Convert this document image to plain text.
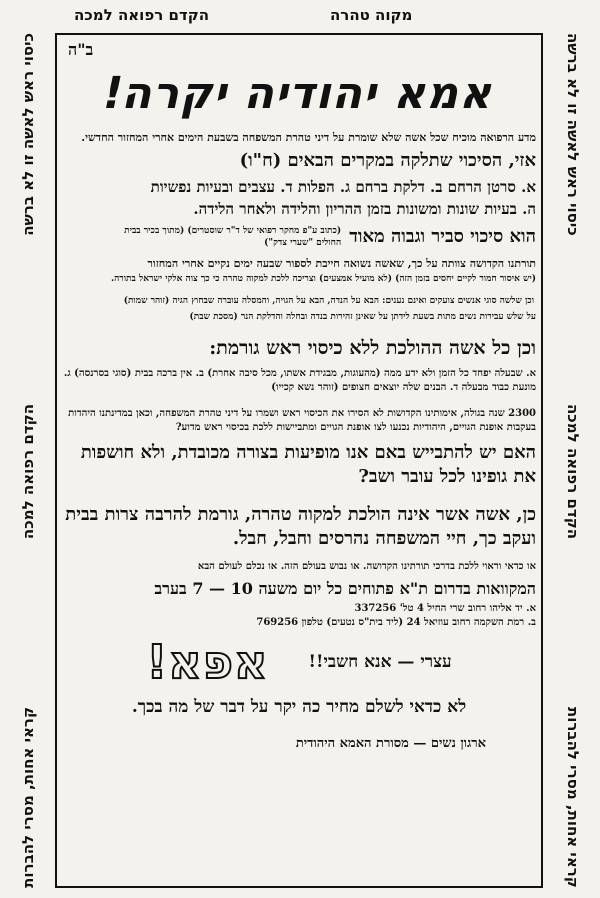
הקדם רפואה למכה	מקוה טהרה
כיסוי ראש לאשה זו לא ברשה
הקדם רפואה למכה
קראי אחות, מסרי להברות
כיסוי ראש לאשה זו לא ברשה
הקדם רפואה למכה
קראי אחות, מסרי להברות
ב"ה
אמא יהודיה יקרה!

מדע הרפואה מוכיח שכל אשה שלא שומרת על דיני טהרת המשפחה בשבעת הימים אחרי המחזור החדשי.

אזי, הסיכוי שתלקה במקרים הבאים (ח"ו)

א. סרטן הרחם ב. דלקת ברחם ג. הפלות ד. עצבים ובעיות נפשיות

ה. בעיות שונות ומשונות בזמן ההריון והלידה ולאחר הלידה.

הוא סיכוי סביר וגבוה מאוד

(כתוב ע"פ מחקר רפואי של ד"ר שוסטרים) (מתוך בכיר בבית החולים "שערי צדק")

תורתנו הקדושה צוותה על כך, שאשה נשואה חייבת לספור שבעה ימים נקיים אחרי המחזור

(יש איסור חמור לקיים יחסים בזמן הזה) (לא מועיל אמצעים) וצריכה ללכת למקוה טהרה כי כך צוה אלקי ישראל בתורה.

וכן שלשה סוגי אנשים צועקים ואינם נענים: הבא על הנדה, הבא על הגויה, והמסלה עוברה שבחוץ הגיה (זוהר שמות)

על שלש עבירות נשים מתות בשעת לידתן על שאינן זהירות בנדה ובחלה והדלקת הנר (מסכת שבת)

וכן כל אשה ההולכת ללא כיסוי ראש גורמת:

א. שבעלה יפחד כל הזמן ולא ידע ממה (מהעוגות, מבגידת אשתו, מכל סיבה אחרת) ב. אין ברכה בבית (סוגי בסרנסה) ג. מונעת כבוד מבעלה ד. הבנים שלה יוצאים חצופים (זוהר נשא קכייו)

2300 שנה בגולה, אימותינו הקדושות לא הסירו את הכיסוי ראש ושמרו על דיני טהרת המשפחה, וכאן במדינתנו היהדות בעקבות אופנת הגויים, היהודיות נכנעו לצו אופנת הגויים ומתביישות ללכת בכיסוי ראש מדוע?

האם יש להתבייש באם אנו מופיעות בצורה מכובדת, ולא חושפות את גופינו לכל עובר ושב?

כן, אשה אשר אינה הולכת למקוה טהרה, גורמת להרבה צרות בבית ועקב כך, חיי המשפחה נהרסים וחבל, חבל.

או כדאי וראוי ללכת בדרכי תורתינו הקדושה. או נבוש בעולם הזה. או נכלם לעולם הבא

המקוואות בדרום ת"א פתוחים כל יום משעה 10 — 7 בערב

א. יד אליהו רחוב שרי החיל 4 טל' 337256

ב. רמת השקמה רחוב עוזיאל 24 (ליד בית"ס נטעים) טלפון 769256

עצרי — אנא חשבי!!
אפא!

לא כדאי לשלם מחיר כה יקר על דבר של מה בכך.

ארגון נשים — מסורת האמא היהודית
